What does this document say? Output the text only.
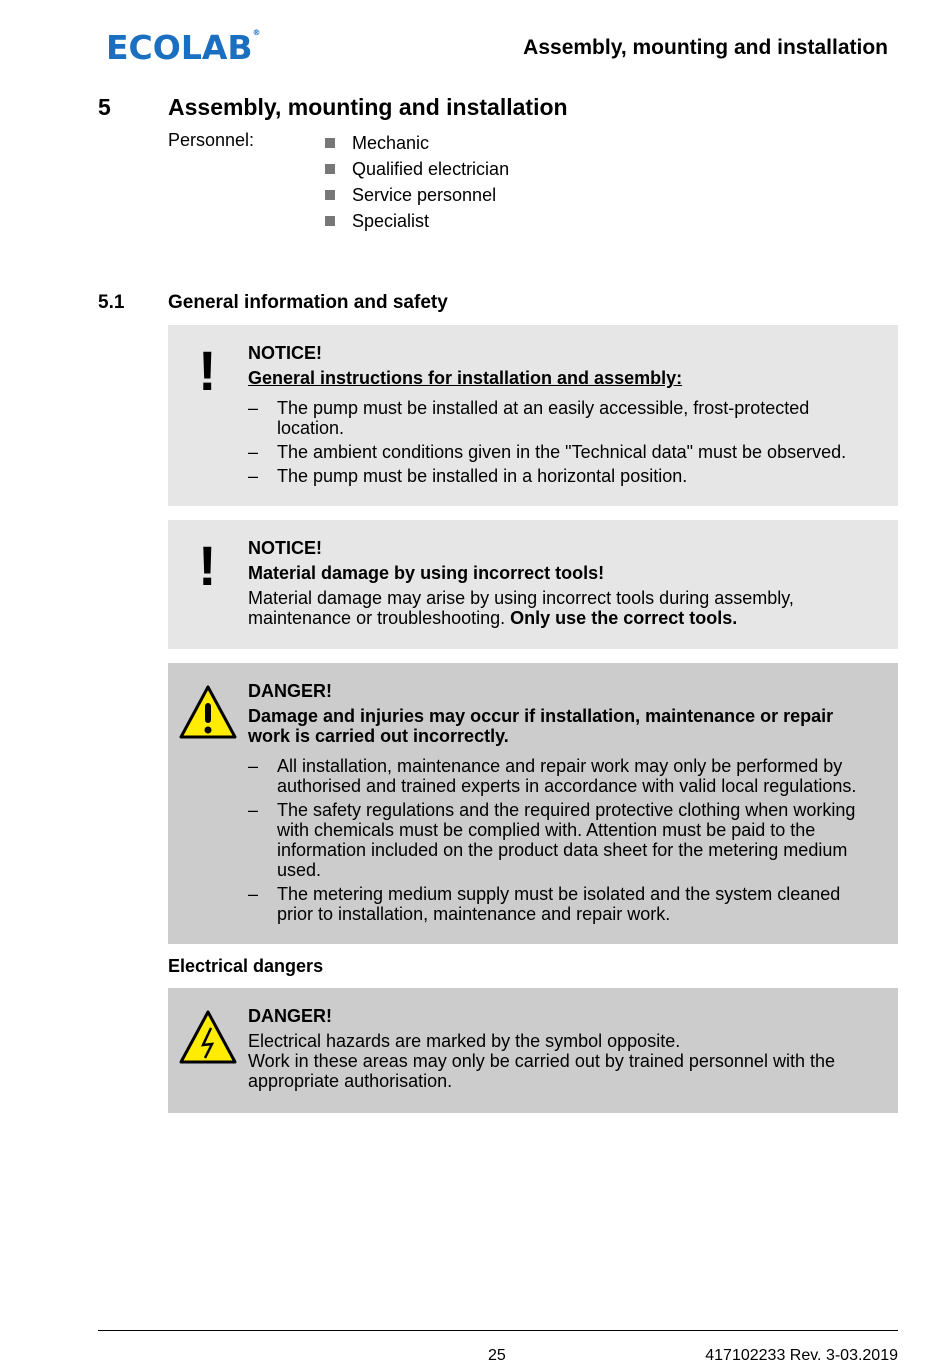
ECOLAB®
Assembly, mounting and installation
5 Assembly, mounting and installation
Personnel:	Mechanic
Qualified electrician
Service personnel
Specialist
5.1 General information and safety
! NOTICE!
General instructions for installation and assembly:
– The pump must be installed at an easily accessible, frost-protected location.
– The ambient conditions given in the "Technical data" must be observed.
– The pump must be installed in a horizontal position.
! NOTICE!
Material damage by using incorrect tools!
Material damage may arise by using incorrect tools during assembly, maintenance or troubleshooting. Only use the correct tools.
DANGER!
Damage and injuries may occur if installation, maintenance or repair work is carried out incorrectly.
– All installation, maintenance and repair work may only be performed by authorised and trained experts in accordance with valid local regulations.
– The safety regulations and the required protective clothing when working with chemicals must be complied with. Attention must be paid to the information included on the product data sheet for the metering medium used.
– The metering medium supply must be isolated and the system cleaned prior to installation, maintenance and repair work.
Electrical dangers
DANGER!
Electrical hazards are marked by the symbol opposite.
Work in these areas may only be carried out by trained personnel with the appropriate authorisation.
25	417102233 Rev. 3-03.2019
